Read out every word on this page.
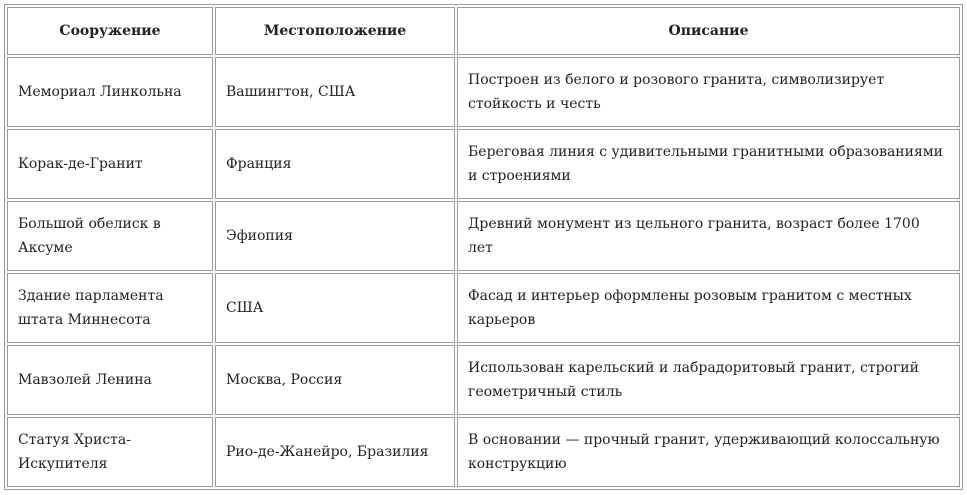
Сооружение	Местоположение	Описание
Мемориал Линкольна	Вашингтон, США	Построен из белого и розового гранита, символизирует стойкость и честь
Корак-де-Гранит	Франция	Береговая линия с удивительными гранитными образованиями и строениями
Большой обелиск в Аксуме	Эфиопия	Древний монумент из цельного гранита, возраст более 1700 лет
Здание парламента штата Миннесота	США	Фасад и интерьер оформлены розовым гранитом с местных карьеров
Мавзолей Ленина	Москва, Россия	Использован карельский и лабрадоритовый гранит, строгий геометричный стиль
Статуя Христа-Искупителя	Рио-де-Жанейро, Бразилия	В основании — прочный гранит, удерживающий колоссальную конструкцию
